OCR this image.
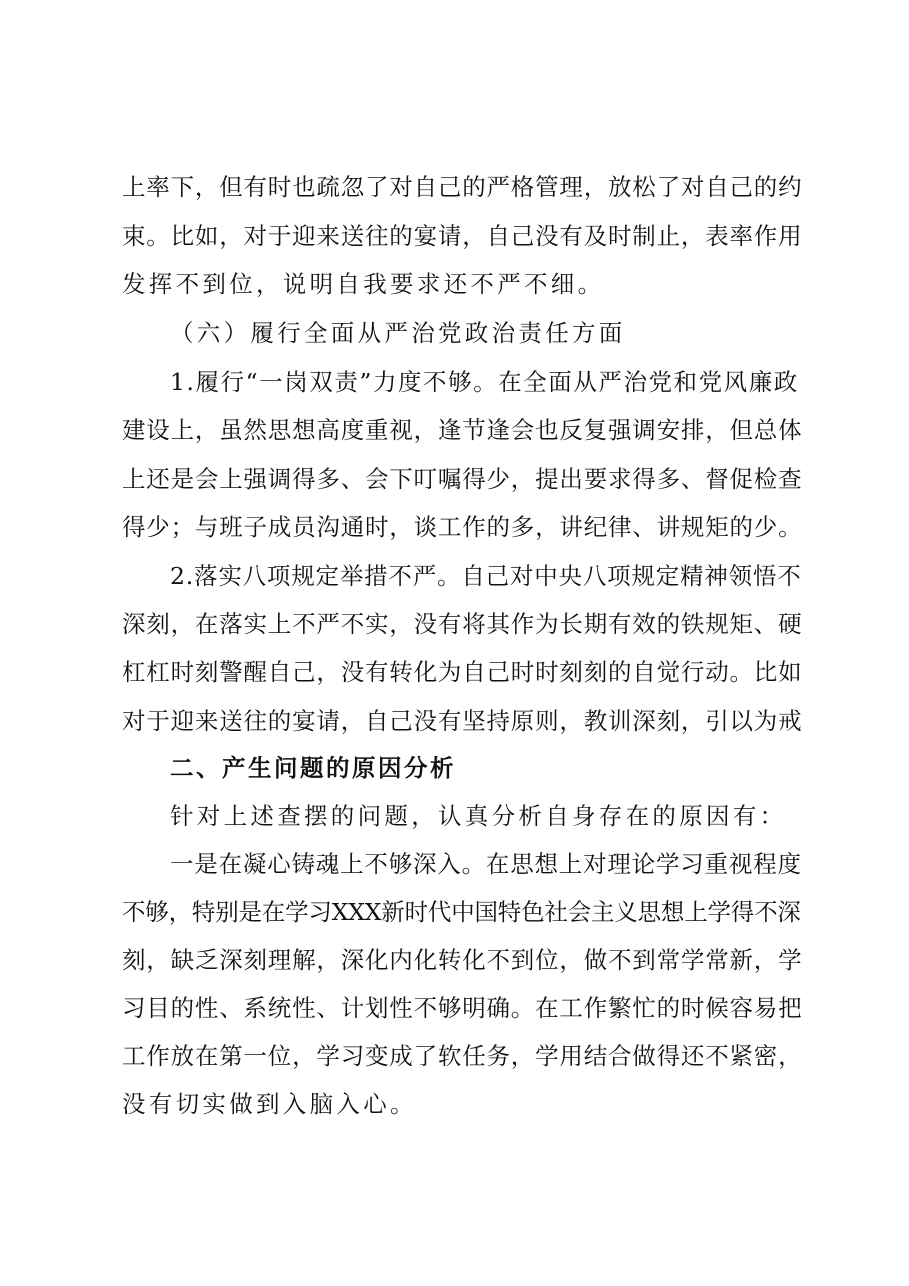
上率下，但有时也疏忽了对自己的严格管理，放松了对自己的约
束。比如，对于迎来送往的宴请，自己没有及时制止，表率作用
发挥不到位，说明自我要求还不严不细。
（六）履行全面从严治党政治责任方面
1.履行“一岗双责”力度不够。在全面从严治党和党风廉政
建设上，虽然思想高度重视，逢节逢会也反复强调安排，但总体
上还是会上强调得多、会下叮嘱得少，提出要求得多、督促检查
得少；与班子成员沟通时，谈工作的多，讲纪律、讲规矩的少。
2.落实八项规定举措不严。自己对中央八项规定精神领悟不
深刻，在落实上不严不实，没有将其作为长期有效的铁规矩、硬
杠杠时刻警醒自己，没有转化为自己时时刻刻的自觉行动。比如
对于迎来送往的宴请，自己没有坚持原则，教训深刻，引以为戒
二、产生问题的原因分析
针对上述查摆的问题，认真分析自身存在的原因有：
一是在凝心铸魂上不够深入。在思想上对理论学习重视程度
不够，特别是在学习XXX新时代中国特色社会主义思想上学得不深
刻，缺乏深刻理解，深化内化转化不到位，做不到常学常新，学
习目的性、系统性、计划性不够明确。在工作繁忙的时候容易把
工作放在第一位，学习变成了软任务，学用结合做得还不紧密，
没有切实做到入脑入心。
